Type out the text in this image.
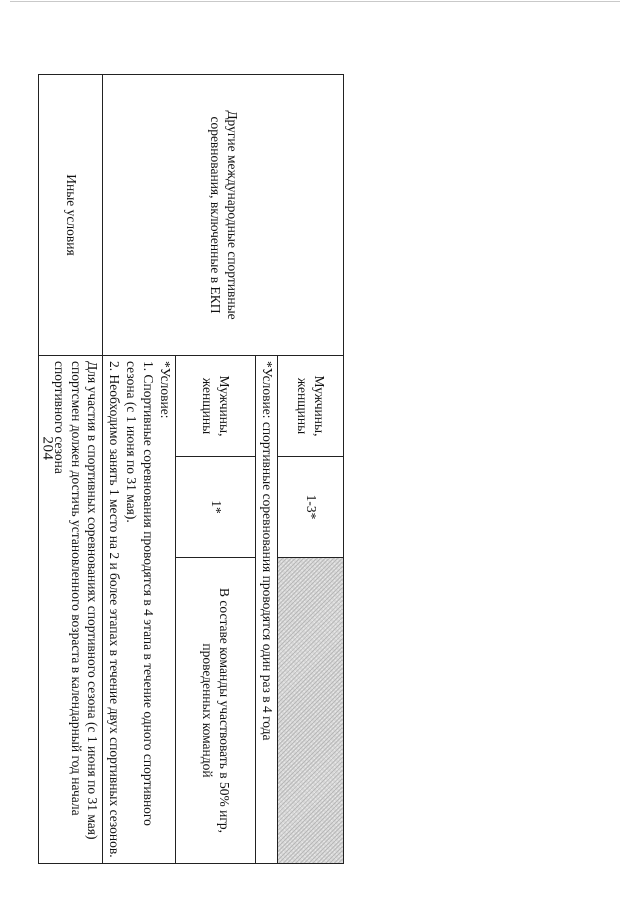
204
Другие международные спортивные соревнования, включенные в ЕКП	Мужчины, женщины	1-3*	
	*Условие: спортивные соревнования проводятся один раз в 4 года		
	Мужчины, женщины	1*	В составе команды участвовать в 50% игр, проведенных командой

	*Условие:
1. Спортивные соревнования проводятся в 4 этапа в течение одного спортивного сезона (с 1 июня по 31 мая).
2. Необходимо занять 1 место на 2 и более этапах в течение двух спортивных сезонов.		

Иные условия	Для участия в спортивных соревнованиях спортивного сезона (с 1 июня по 31 мая) спортсмен должен достичь установленного возраста в календарный год начала спортивного сезона		
